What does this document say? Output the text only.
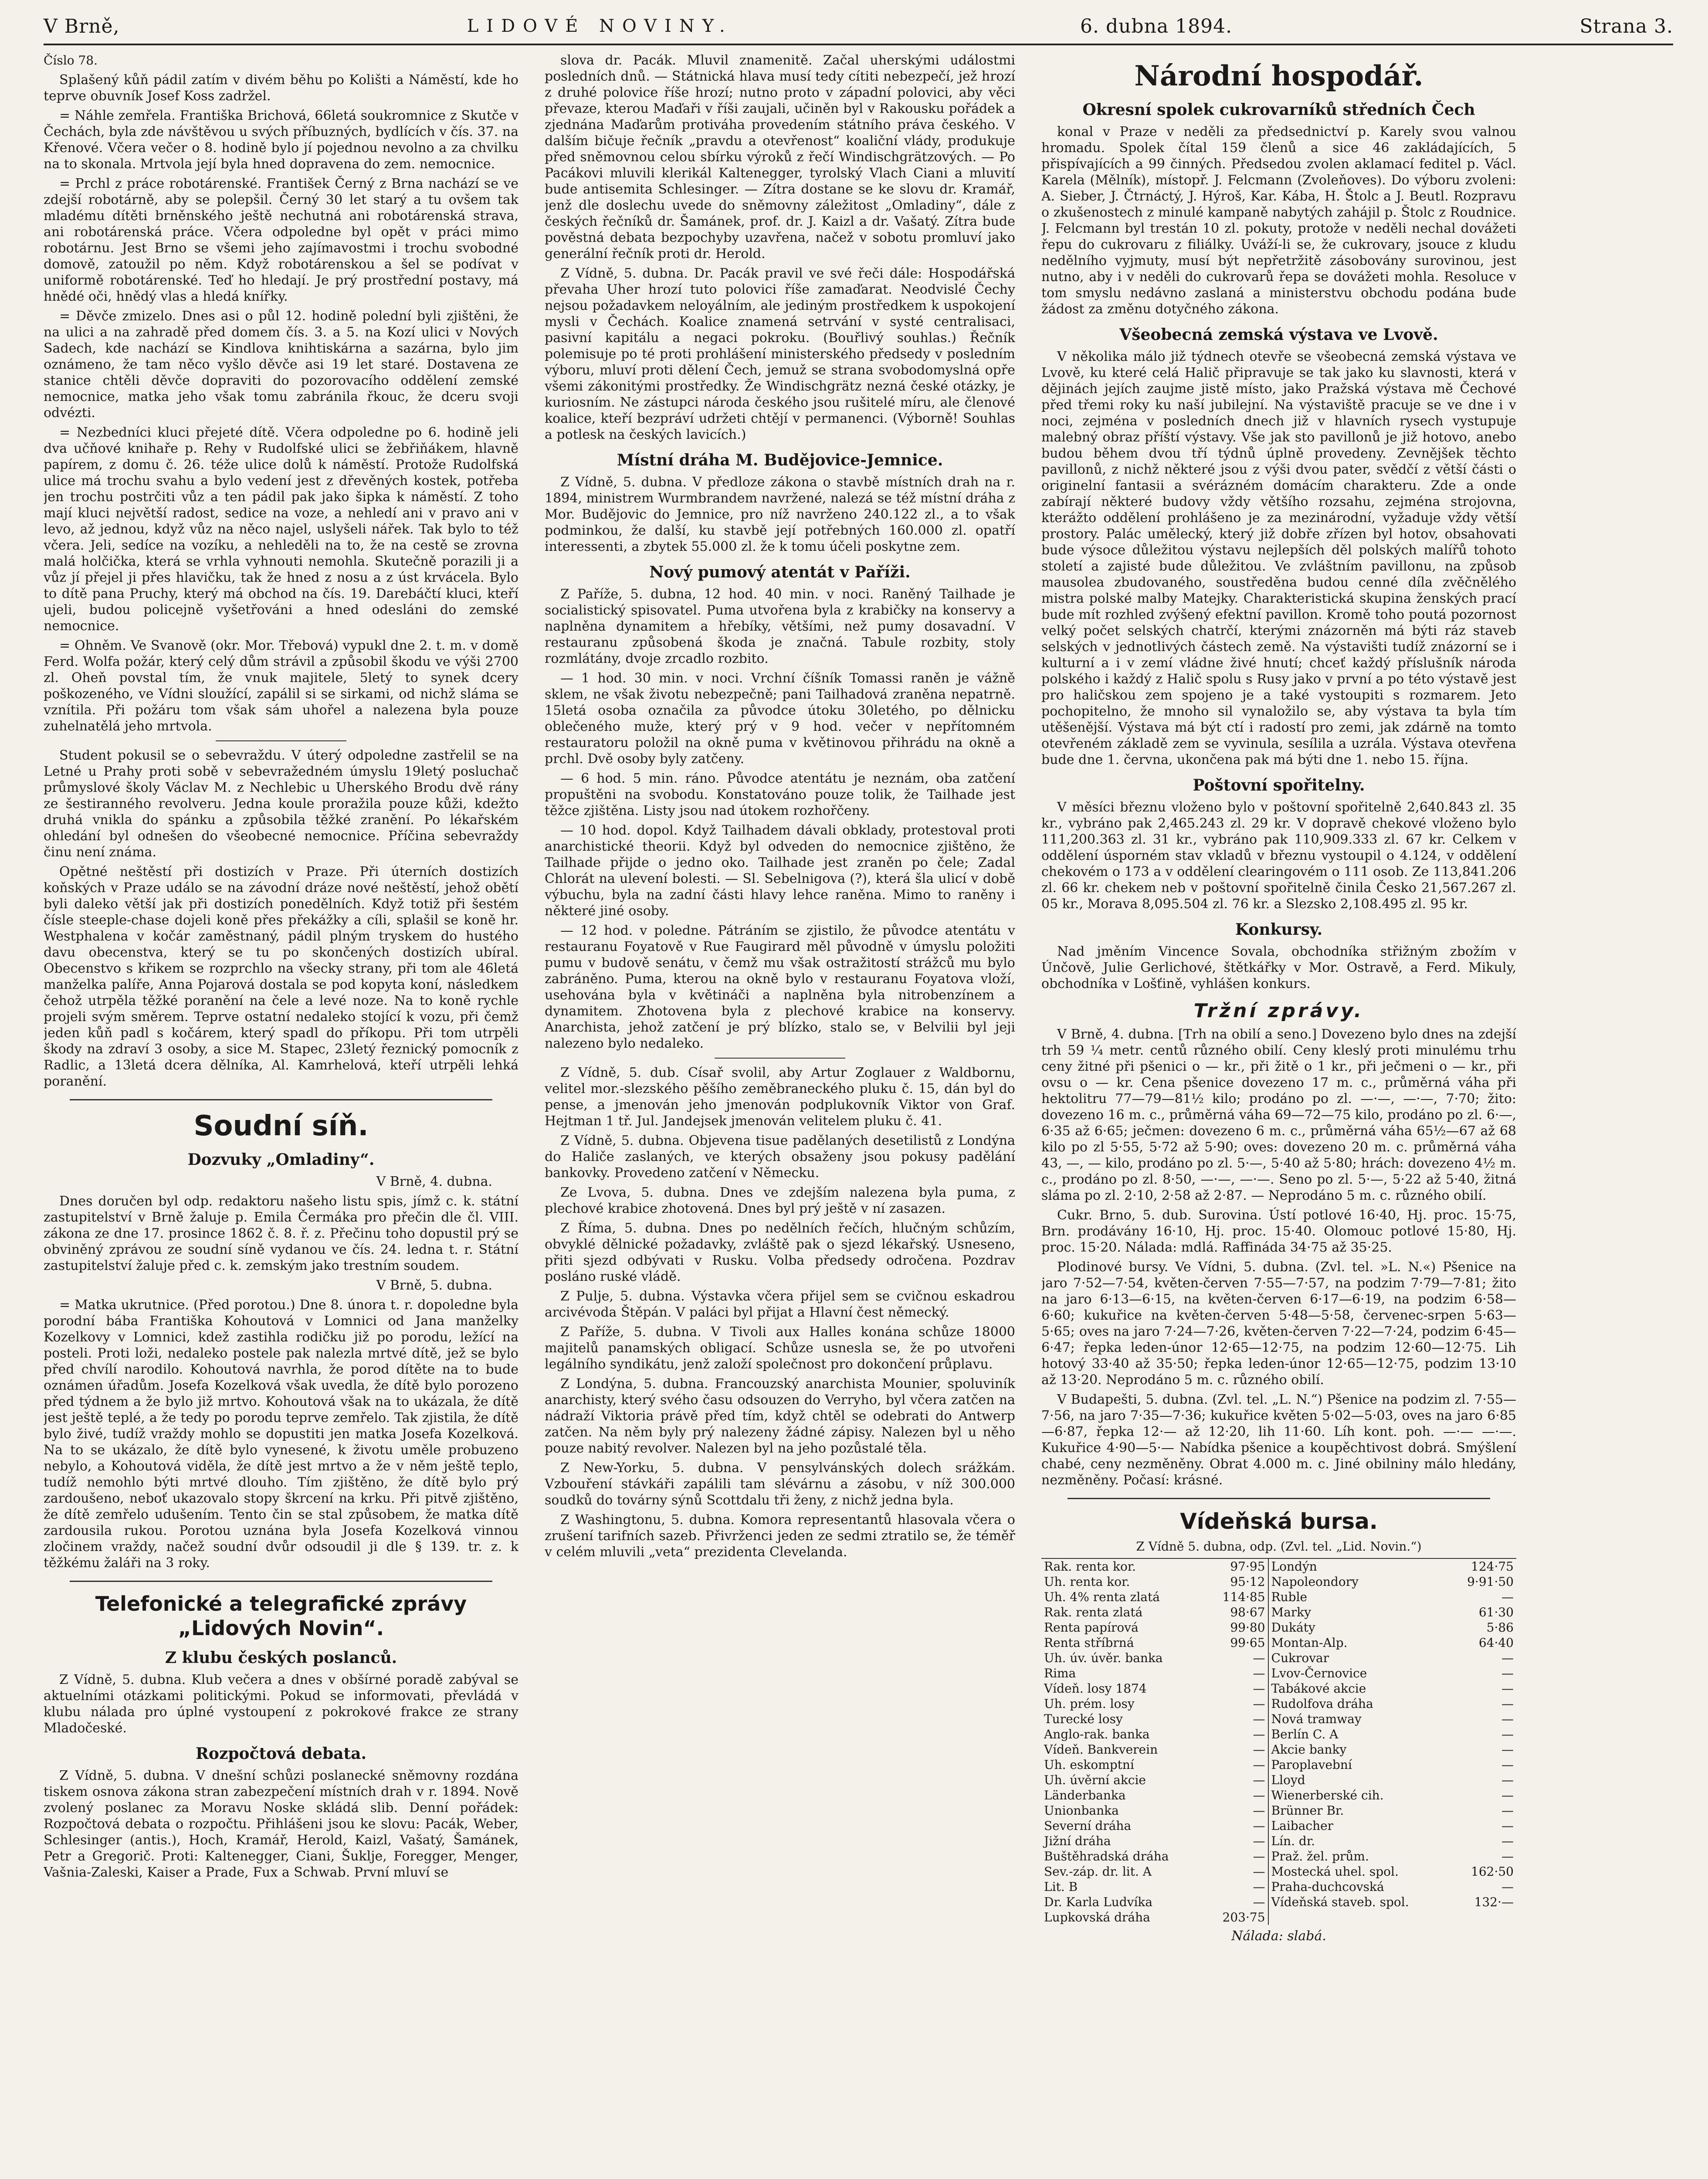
V Brně,	LIDOVÉ NOVINY.	6. dubna 1894.	Strana 3.

Číslo 78.

Splašený kůň pádil zatím v divém běhu po Kolišti a Náměstí, kde ho teprve obuvník Josef Koss zadržel.

= Náhle zemřela. Františka Brichová, 66letá soukromnice z Skutče v Čechách, byla zde návštěvou u svých příbuzných, bydlících v čís. 37. na Křenové. Včera večer o 8. hodině bylo jí pojednou nevolno a za chvilku na to skonala. Mrtvola její byla hned dopravena do zem. nemocnice.

= Prchl z práce robotárenské. František Černý z Brna nachází se ve zdejší robotárně, aby se polepšil. Černý 30 let starý a tu ovšem tak mladému dítěti brněnského ještě nechutná ani robotárenská strava, ani robotárenská práce. Včera odpoledne byl opět v práci mimo robotárnu. Jest Brno se všemi jeho zajímavostmi i trochu svobodné domově, zatoužil po něm. Když robotárenskou a šel se podívat v uniformě robotárenské. Teď ho hledají. Je prý prostřední postavy, má hnědé oči, hnědý vlas a hledá knířky.

= Děvče zmizelo. Dnes asi o půl 12. hodině polední byli zjištěni, že na ulici a na zahradě před domem čís. 3. a 5. na Kozí ulici v Nových Sadech, kde nachází se Kindlova knihtiskárna a sazárna, bylo jim oznámeno, že tam něco vyšlo děvče asi 19 let staré. Dostavena ze stanice chtěli děvče dopraviti do pozorovacího oddělení zemské nemocnice, matka jeho však tomu zabránila řkouc, že dceru svoji odvézti.

= Nezbedníci kluci přejeté dítě. Včera odpoledne po 6. hodině jeli dva učňové knihaře p. Rehy v Rudolfské ulici se žebřiňákem, hlavně papírem, z domu č. 26. téže ulice dolů k náměstí. Protože Rudolfská ulice má trochu svahu a bylo vedení jest z dřevěných kostek, potřeba jen trochu postrčiti vůz a ten pádil pak jako šipka k náměstí. Z toho mají kluci největší radost, sedice na voze, a nehledí ani v pravo ani v levo, až jednou, když vůz na něco najel, uslyšeli nářek. Tak bylo to též včera. Jeli, sedíce na vozíku, a nehleděli na to, že na cestě se zrovna malá holčička, která se vrhla vyhnouti nemohla. Skutečně porazili ji a vůz jí přejel ji přes hlavičku, tak že hned z nosu a z úst krvácela. Bylo to dítě pana Pruchy, který má obchod na čís. 19. Darebáčtí kluci, kteří ujeli, budou policejně vyšetřováni a hned odesláni do zemské nemocnice.

= Ohněm. Ve Svanově (okr. Mor. Třebová) vypukl dne 2. t. m. v domě Ferd. Wolfa požár, který celý dům strávil a způsobil škodu ve výši 2700 zl. Oheň povstal tím, že vnuk majitele, 5letý to synek dcery poškozeného, ve Vídni sloužící, zapálil si se sirkami, od nichž sláma se vznítila. Při požáru tom však sám uhořel a nalezena byla pouze zuhelnatělá jeho mrtvola.

Student pokusil se o sebevraždu. V úterý odpoledne zastřelil se na Letné u Prahy proti sobě v sebevražedném úmyslu 19letý posluchač průmyslové školy Václav M. z Nechlebic u Uherského Brodu dvě rány ze šestiranného revolveru. Jedna koule proražila pouze kůži, kdežto druhá vnikla do spánku a způsobila těžké zranění. Po lékařském ohledání byl odnešen do všeobecné nemocnice. Příčina sebevraždy činu není známa.

Opětné neštěstí při dostizích v Praze. Při úterních dostizích koňských v Praze událo se na závodní dráze nové neštěstí, jehož obětí byli daleko větší jak při dostizích ponedělních. Když totiž při šestém čísle steeple-chase dojeli koně přes překážky a cíli, splašil se koně hr. Westphalena v kočár zaměstnaný, pádil plným tryskem do hustého davu obecenstva, který se tu po skončených dostizích ubíral. Obecenstvo s křikem se rozprchlo na všecky strany, při tom ale 46letá manželka palíře, Anna Pojarová dostala se pod kopyta koní, následkem čehož utrpěla těžké poranění na čele a levé noze. Na to koně rychle projeli svým směrem. Teprve ostatní nedaleko stojící k vozu, při čemž jeden kůň padl s kočárem, který spadl do příkopu. Při tom utrpěli škody na zdraví 3 osoby, a sice M. Stapec, 23letý řeznický pomocník z Radlic, a 13letá dcera dělníka, Al. Kamrhelová, kteří utrpěli lehká poranění.

Soudní síň.

Dozvuky „Omladiny“.

V Brně, 4. dubna.

Dnes doručen byl odp. redaktoru našeho listu spis, jímž c. k. státní zastupitelství v Brně žaluje p. Emila Čermáka pro přečin dle čl. VIII. zákona ze dne 17. prosince 1862 č. 8. ř. z. Přečinu toho dopustil prý se obviněný zprávou ze soudní síně vydanou ve čís. 24. ledna t. r. Státní zastupitelství žaluje před c. k. zemským jako trestním soudem.

V Brně, 5. dubna.

= Matka ukrutnice. (Před porotou.) Dne 8. února t. r. dopoledne byla porodní bába Františka Kohoutová v Lomnici od Jana manželky Kozelkovy v Lomnici, kdež zastihla rodičku již po porodu, ležící na posteli. Proti loži, nedaleko postele pak nalezla mrtvé dítě, jež se bylo před chvílí narodilo. Kohoutová navrhla, že porod dítěte na to bude oznámen úřadům. Josefa Kozelková však uvedla, že dítě bylo porozeno před týdnem a že bylo již mrtvo. Kohoutová však na to ukázala, že dítě jest ještě teplé, a že tedy po porodu teprve zemřelo. Tak zjistila, že dítě bylo živé, tudíž vraždy mohlo se dopustiti jen matka Josefa Kozelková. Na to se ukázalo, že dítě bylo vynesené, k životu uměle probuzeno nebylo, a Kohoutová viděla, že dítě jest mrtvo a že v něm ještě teplo, tudíž nemohlo býti mrtvé dlouho. Tím zjištěno, že dítě bylo prý zardoušeno, neboť ukazovalo stopy škrcení na krku. Při pitvě zjištěno, že dítě zemřelo udušením. Tento čin se stal způsobem, že matka dítě zardousila rukou. Porotou uznána byla Josefa Kozelková vinnou zločinem vraždy, načež soudní dvůr odsoudil ji dle § 139. tr. z. k těžkému žaláři na 3 roky.

Telefonické a telegrafické zprávy „Lidových Novin“.

Z klubu českých poslanců.

Z Vídně, 5. dubna. Klub večera a dnes v obšírné poradě zabýval se aktuelními otázkami politickými. Pokud se informovati, převládá v klubu nálada pro úplné vystoupení z pokrokové frakce ze strany Mladočeské.

Rozpočtová debata.

Z Vídně, 5. dubna. V dnešní schůzi poslanecké sněmovny rozdána tiskem osnova zákona stran zabezpečení místních drah v r. 1894. Nově zvolený poslanec za Moravu Noske skládá slib. Denní pořádek: Rozpočtová debata o rozpočtu. Přihlášeni jsou ke slovu: Pacák, Weber, Schlesinger (antis.), Hoch, Kramář, Herold, Kaizl, Vašatý, Šamánek, Petr a Gregorič. Proti: Kaltenegger, Ciani, Šuklje, Foregger, Menger, Vašnia-Zaleski, Kaiser a Prade, Fux a Schwab. První mluví se

slova dr. Pacák. Mluvil znamenitě. Začal uherskými událostmi posledních dnů. — Státnická hlava musí tedy cítiti nebezpečí, jež hrozí z druhé polovice říše hrozí; nutno proto v západní polovici, aby věci převaze, kterou Maďaři v říši zaujali, učiněn byl v Rakousku pořádek a zjednána Maďarům protiváha provedením státního práva českého. V dalším bičuje řečník „pravdu a otevřenost“ koaliční vlády, produkuje před sněmovnou celou sbírku výroků z řečí Windischgrätzových. — Po Pacákovi mluvili klerikál Kaltenegger, tyrolský Vlach Ciani a mluvití bude antisemita Schlesinger. — Zítra dostane se ke slovu dr. Kramář, jenž dle doslechu uvede do sněmovny záležitost „Omladiny“, dále z českých řečníků dr. Šamánek, prof. dr. J. Kaizl a dr. Vašatý. Zítra bude pověstná debata bezpochyby uzavřena, načež v sobotu promluví jako generální řečník proti dr. Herold.

Z Vídně, 5. dubna. Dr. Pacák pravil ve své řeči dále: Hospodářská převaha Uher hrozí tuto polovici říše zamaďarat. Neodvislé Čechy nejsou požadavkem neloyálním, ale jediným prostředkem k uspokojení mysli v Čechách. Koalice znamená setrvání v systé centralisaci, pasivní kapitálu a negaci pokroku. (Bouřlivý souhlas.) Řečník polemisuje po té proti prohlášení ministerského předsedy v posledním výboru, mluví proti dělení Čech, jemuž se strana svobodomyslná opře všemi zákonitými prostředky. Že Windischgrätz nezná české otázky, je kuriosním. Ne zástupci národa českého jsou rušitelé míru, ale členové koalice, kteří bezpráví udržeti chtějí v permanenci. (Výborně! Souhlas a potlesk na českých lavicích.)

Místní dráha M. Budějovice-Jemnice.

Z Vídně, 5. dubna. V předloze zákona o stavbě místních drah na r. 1894, ministrem Wurmbrandem navržené, nalezá se též místní dráha z Mor. Budějovic do Jemnice, pro níž navrženo 240.122 zl., a to však podminkou, že další, ku stavbě její potřebných 160.000 zl. opatří interessenti, a zbytek 55.000 zl. že k tomu účeli poskytne zem.

Nový pumový atentát v Paříži.

Z Paříže, 5. dubna, 12 hod. 40 min. v noci. Raněný Tailhade je socialistický spisovatel. Puma utvořena byla z krabičky na konservy a naplněna dynamitem a hřebíky, většími, než pumy dosavadní. V restauranu způsobená škoda je značná. Tabule rozbity, stoly rozmlátány, dvoje zrcadlo rozbito.

— 1 hod. 30 min. v noci. Vrchní číšník Tomassi raněn je vážně sklem, ne však životu nebezpečně; pani Tailhadová zraněna nepatrně. 15letá osoba označila za původce útoku 30letého, po dělnicku oblečeného muže, který prý v 9 hod. večer v nepřítomném restauratoru položil na okně puma v květinovou přihrádu na okně a prchl. Dvě osoby byly zatčeny.

— 6 hod. 5 min. ráno. Původce atentátu je neznám, oba zatčení propuštěni na svobodu. Konstatováno pouze tolik, že Tailhade jest těžce zjištěna. Listy jsou nad útokem rozhořčeny.

— 10 hod. dopol. Když Tailhadem dávali obklady, protestoval proti anarchistické theorii. Když byl odveden do nemocnice zjištěno, že Tailhade přijde o jedno oko. Tailhade jest zraněn po čele; Zadal Chlorát na ulevení bolesti. — Sl. Sebelnigova (?), která šla ulicí v době výbuchu, byla na zadní části hlavy lehce raněna. Mimo to raněny i některé jiné osoby.

— 12 hod. v poledne. Pátráním se zjistilo, že původce atentátu v restauranu Foyatově v Rue Faugirard měl původně v úmyslu položiti pumu v budově senátu, v čemž mu však ostražitostí strážců mu bylo zabráněno. Puma, kterou na okně bylo v restauranu Foyatova vloží, usehována byla v květináči a naplněna byla nitrobenzínem a dynamitem. Zhotovena byla z plechové krabice na konservy. Anarchista, jehož zatčení je prý blízko, stalo se, v Belvilii byl jeji nalezeno bylo nedaleko.

Z Vídně, 5. dub. Císař svolil, aby Artur Zoglauer z Waldbornu, velitel mor.-slezského pěšího zeměbraneckého pluku č. 15, dán byl do pense, a jmenován jeho jmenován podplukovník Viktor von Graf. Hejtman 1 tř. Jul. Jandejsek jmenován velitelem pluku č. 41.

Z Vídně, 5. dubna. Objevena tisue padělaných desetilistů z Londýna do Haliče zaslaných, ve kterých obsaženy jsou pokusy padělání bankovky. Provedeno zatčení v Německu.

Ze Lvova, 5. dubna. Dnes ve zdejším nalezena byla puma, z plechové krabice zhotovená. Dnes byl prý ještě v ní zasazen.

Z Říma, 5. dubna. Dnes po nedělních řečích, hlučným schůzím, obvyklé dělnické požadavky, zvláště pak o sjezd lékařský. Usneseno, přiti sjezd odbývati v Rusku. Volba předsedy odročena. Pozdrav posláno ruské vládě.

Z Pulje, 5. dubna. Výstavka včera přijel sem se cvičnou eskadrou arcivévoda Štěpán. V paláci byl přijat a Hlavní čest německý.

Z Paříže, 5. dubna. V Tivoli aux Halles konána schůze 18000 majitelů panamských obligací. Schůze usnesla se, že po utvořeni legálního syndikátu, jenž založí společnost pro dokončení průplavu.

Z Londýna, 5. dubna. Francouzský anarchista Mounier, spoluviník anarchisty, který svého času odsouzen do Verryho, byl včera zatčen na nádraží Viktoria právě před tím, když chtěl se odebrati do Antwerp zatčen. Na něm byly prý nalezeny žádné zápisy. Nalezen byl u něho pouze nabitý revolver. Nalezen byl na jeho pozůstalé těla.

Z New-Yorku, 5. dubna. V pensylvánských dolech srážkám. Vzbouření stávkáři zapálili tam slévárnu a zásobu, v níž 300.000 soudků do továrny sýnů Scottdalu tři ženy, z nichž jedna byla.

Z Washingtonu, 5. dubna. Komora representantů hlasovala včera o zrušení tarifních sazeb. Přivrženci jeden ze sedmi ztratilo se, že téměř v celém mluvili „veta“ prezidenta Clevelanda.

Národní hospodář.

Okresní spolek cukrovarníků středních Čech

konal v Praze v neděli za předsednictví p. Karely svou valnou hromadu. Spolek čítal 159 členů a sice 46 zakládajících, 5 přispívajících a 99 činných. Předsedou zvolen aklamací feditel p. Václ. Karela (Mělník), místopř. J. Felcmann (Zvoleňoves). Do výboru zvoleni: A. Sieber, J. Čtrnáctý, J. Hýroš, Kar. Kába, H. Štolc a J. Beutl. Rozpravu o zkušenostech z minulé kampaně nabytých zahájil p. Štolc z Roudnice. J. Felcmann byl trestán 10 zl. pokuty, protože v neděli nechal dovážeti řepu do cukrovaru z filiálky. Uváží-li se, že cukrovary, jsouce z kludu nedělního vyjmuty, musí být nepřetržitě zásobovány surovinou, jest nutno, aby i v neděli do cukrovarů řepa se dovážeti mohla. Resoluce v tom smyslu nedávno zaslaná a ministerstvu obchodu podána bude žádost za změnu dotyčného zákona.

Všeobecná zemská výstava ve Lvově.

V několika málo již týdnech otevře se všeobecná zemská výstava ve Lvově, ku které celá Halič připravuje se tak jako ku slavnosti, která v dějinách jejích zaujme jistě místo, jako Pražská výstava mě Čechové před třemi roky ku naší jubilejní. Na výstaviště pracuje se ve dne i v noci, zejména v posledních dnech již v hlavních rysech vystupuje malebný obraz příští výstavy. Vše jak sto pavillonů je již hotovo, anebo budou během dvou tří týdnů úplně provedeny. Zevnějšek těchto pavillonů, z nichž některé jsou z výši dvou pater, svědčí z větší části o originelní fantasii a svérázném domácím charakteru. Zde a onde zabírají některé budovy vždy většího rozsahu, zejména strojovna, kterážto oddělení prohlášeno je za mezinárodní, vyžaduje vždy větší prostory. Palác umělecký, který již dobře zřízen byl hotov, obsahovati bude výsoce důležitou výstavu nejlepších děl polských malířů tohoto století a zajisté bude důležitou. Ve zvláštním pavillonu, na způsob mausolea zbudovaného, soustředěna budou cenné díla zvěčnělého mistra polské malby Matejky. Charakteristická skupina ženských prací bude mít rozhled zvýšený efektní pavillon. Kromě toho poutá pozornost velký počet selských chatrčí, kterými znázorněn má býti ráz staveb selských v jednotlivých částech země. Na výstavišti tudíž znázorní se i kulturní a i v zemí vládne živé hnutí; chceť každý příslušník národa polského i každý z Halič spolu s Rusy jako v první a po této výstavě jest pro haličskou zem spojeno je a také vystoupiti s rozmarem. Jeto pochopitelno, že mnoho sil vynaložilo se, aby výstava ta byla tím utěšenější. Výstava má být ctí i radostí pro zemi, jak zdárně na tomto otevřeném základě zem se vyvinula, sesílila a uzrála. Výstava otevřena bude dne 1. června, ukončena pak má býti dne 1. nebo 15. října.

Poštovní spořitelny.

V měsíci březnu vloženo bylo v poštovní spořitelně 2,640.843 zl. 35 kr., vybráno pak 2,465.243 zl. 29 kr. V dopravě chekové vloženo bylo 111,200.363 zl. 31 kr., vybráno pak 110,909.333 zl. 67 kr. Celkem v oddělení úsporném stav vkladů v březnu vystoupil o 4.124, v oddělení chekovém o 173 a v oddělení clearingovém o 111 osob. Ze 113,841.206 zl. 66 kr. chekem neb v poštovní spořitelně činila Česko 21,567.267 zl. 05 kr., Morava 8,095.504 zl. 76 kr. a Slezsko 2,108.495 zl. 95 kr.

Konkursy.

Nad jměním Vincence Sovala, obchodníka střižným zbožím v Únčově, Julie Gerlichové, štětkářky v Mor. Ostravě, a Ferd. Mikuly, obchodníka v Lošťině, vyhlášen konkurs.

Tržní zprávy.

V Brně, 4. dubna. [Trh na obilí a seno.] Dovezeno bylo dnes na zdejší trh 59 ¼ metr. centů různého obilí. Ceny kleslý proti minulému trhu ceny žitné při pšenici o — kr., při žitě o 1 kr., při ječmeni o — kr., při ovsu o — kr. Cena pšenice dovezeno 17 m. c., průměrná váha při hektolitru 77—79—81½ kilo; prodáno po zl. —·—, —·—, 7·70; žito: dovezeno 16 m. c., průměrná váha 69—72—75 kilo, prodáno po zl. 6·—, 6·35 až 6·65; ječmen: dovezeno 6 m. c., průměrná váha 65½—67 až 68 kilo po zl 5·55, 5·72 až 5·90; oves: dovezeno 20 m. c. průměrná váha 43, —, — kilo, prodáno po zl. 5·—, 5·40 až 5·80; hrách: dovezeno 4½ m. c., prodáno po zl. 8·50, —·—, —·—. Seno po zl. 5·—, 5·22 až 5·40, žitná sláma po zl. 2·10, 2·58 až 2·87. — Neprodáno 5 m. c. různého obilí.

Cukr. Brno, 5. dub. Surovina. Ústí potlové 16·40, Hj. proc. 15·75, Brn. prodávány 16·10, Hj. proc. 15·40. Olomouc potlové 15·80, Hj. proc. 15·20. Nálada: mdlá. Raffináda 34·75 až 35·25.

Plodinové bursy. Ve Vídni, 5. dubna. (Zvl. tel. »L. N.«) Pšenice na jaro 7·52—7·54, květen-červen 7·55—7·57, na podzim 7·79—7·81; žito na jaro 6·13—6·15, na květen-červen 6·17—6·19, na podzim 6·58—6·60; kukuřice na květen-červen 5·48—5·58, červenec-srpen 5·63—5·65; oves na jaro 7·24—7·26, květen-červen 7·22—7·24, podzim 6·45—6·47; řepka leden-únor 12·65—12·75, na podzim 12·60—12·75. Lih hotový 33·40 až 35·50; řepka leden-únor 12·65—12·75, podzim 13·10 až 13·20. Neprodáno 5 m. c. různého obilí.

V Budapešti, 5. dubna. (Zvl. tel. „L. N.“) Pšenice na podzim zl. 7·55—7·56, na jaro 7·35—7·36; kukuřice květen 5·02—5·03, oves na jaro 6·85—6·87, řepka 12·— až 12·20, lih 11·60. Líh kont. poh. —·— —·—. Kukuřice 4·90—5·— Nabídka pšenice a koupěchtivost dobrá. Smýšlení chabé, ceny nezměněny. Obrat 4.000 m. c. Jiné obilniny málo hledány, nezměněny. Počasí: krásné.

Vídeňská bursa.

Z Vídně 5. dubna, odp. (Zvl. tel. „Lid. Novin.“)

Rak. renta kor.	97·95	Londýn	124·75
Uh. renta kor.	95·12	Napoleondory	9·91·50
Uh. 4% renta zlatá	114·85	Ruble	—
Rak. renta zlatá	98·67	Marky	61·30
Renta papírová	99·80	Dukáty	5·86
Renta stříbrná	99·65	Montan-Alp.	64·40
Uh. úv. úvěr. banka	—	Cukrovar	—
Rima	—	Lvov-Černovice	—
Vídeň. losy 1874	—	Tabákové akcie	—
Uh. prém. losy	—	Rudolfova dráha	—
Turecké losy	—	Nová tramway	—
Anglo-rak. banka	—	Berlín C. A	—
Vídeň. Bankverein	—	Akcie banky	—
Uh. eskomptní	—	Paroplavební	—
Uh. úvěrní akcie	—	Lloyd	—
Länderbanka	—	Wienerberské cih.	—
Unionbanka	—	Brünner Br.	—
Severní dráha	—	Laibacher	—
Jižní dráha	—	Lín. dr.	—
Buštěhradská dráha	—	Praž. žel. prům.	—
Sev.-záp. dr. lit. A	—	Mostecká uhel. spol.	162·50
Lit. B	—	Praha-duchcovská	—
Dr. Karla Ludvíka	—	Vídeňská staveb. spol.	132·—
Lupkovská dráha	203·75		
Nálada: slabá.
